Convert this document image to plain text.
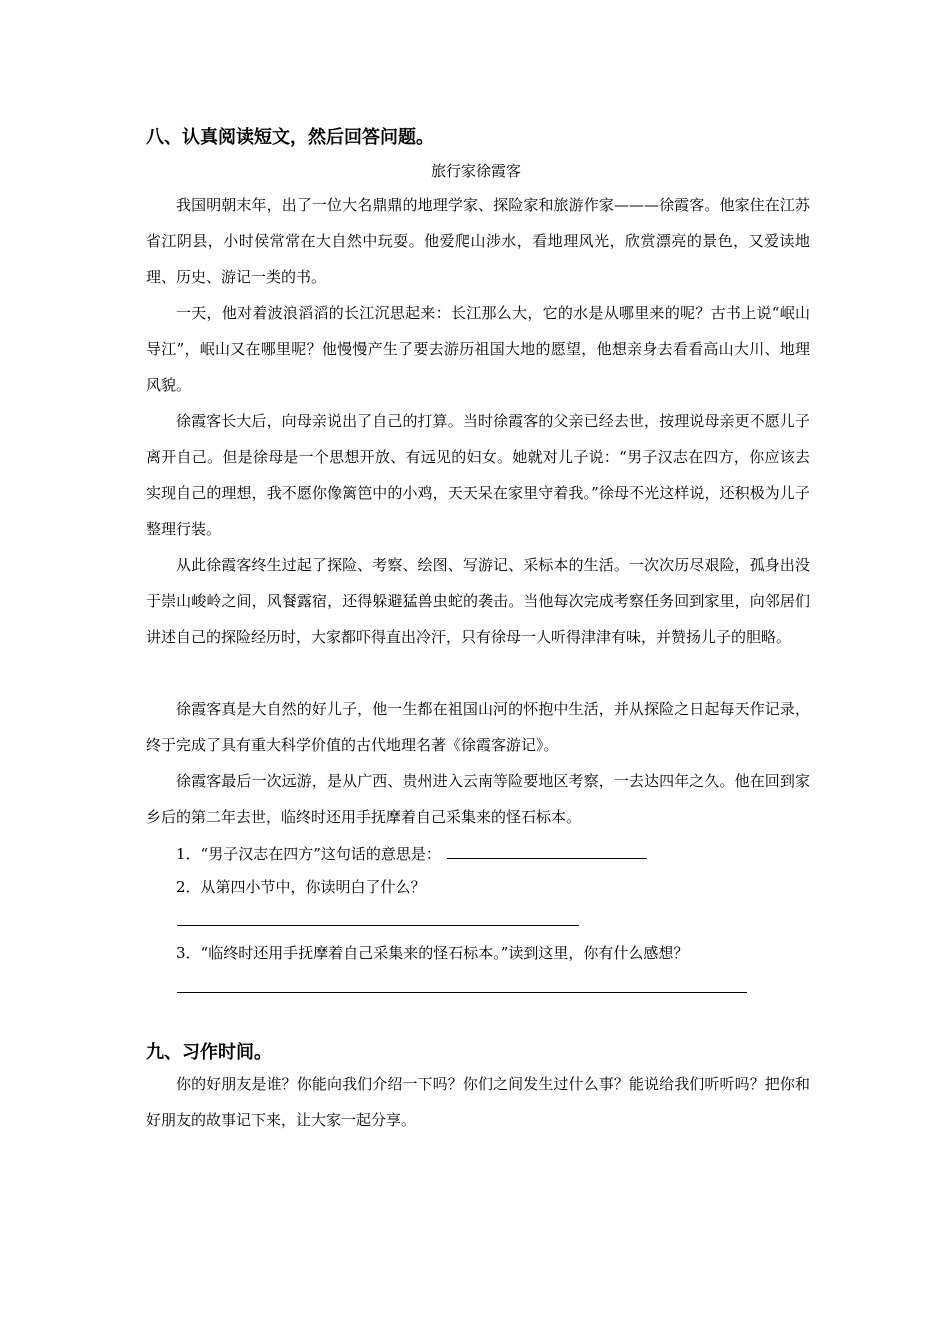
八、认真阅读短文，然后回答问题。
旅行家徐霞客

我国明朝末年，出了一位大名鼎鼎的地理学家、探险家和旅游作家———徐霞客。他家住在江苏省江阴县，小时侯常常在大自然中玩耍。他爱爬山涉水，看地理风光，欣赏漂亮的景色，又爱读地理、历史、游记一类的书。

一天，他对着波浪滔滔的长江沉思起来：长江那么大，它的水是从哪里来的呢？古书上说“岷山导江”，岷山又在哪里呢？他慢慢产生了要去游历祖国大地的愿望，他想亲身去看看高山大川、地理风貌。

徐霞客长大后，向母亲说出了自己的打算。当时徐霞客的父亲已经去世，按理说母亲更不愿儿子离开自己。但是徐母是一个思想开放、有远见的妇女。她就对儿子说：“男子汉志在四方，你应该去实现自己的理想，我不愿你像篱笆中的小鸡，天天呆在家里守着我。”徐母不光这样说，还积极为儿子整理行装。

从此徐霞客终生过起了探险、考察、绘图、写游记、采标本的生活。一次次历尽艰险，孤身出没于崇山峻岭之间，风餐露宿，还得躲避猛兽虫蛇的袭击。当他每次完成考察任务回到家里，向邻居们讲述自己的探险经历时，大家都吓得直出冷汗，只有徐母一人听得津津有味，并赞扬儿子的胆略。

徐霞客真是大自然的好儿子，他一生都在祖国山河的怀抱中生活，并从探险之日起每天作记录，终于完成了具有重大科学价值的古代地理名著《徐霞客游记》。

徐霞客最后一次远游，是从广西、贵州进入云南等险要地区考察，一去达四年之久。他在回到家乡后的第二年去世，临终时还用手抚摩着自己采集来的怪石标本。

1．“男子汉志在四方”这句话的意思是：
2．从第四小节中，你读明白了什么？
3．“临终时还用手抚摩着自己采集来的怪石标本。”读到这里，你有什么感想？
九、习作时间。

你的好朋友是谁？你能向我们介绍一下吗？你们之间发生过什么事？能说给我们听听吗？把你和好朋友的故事记下来，让大家一起分享。
